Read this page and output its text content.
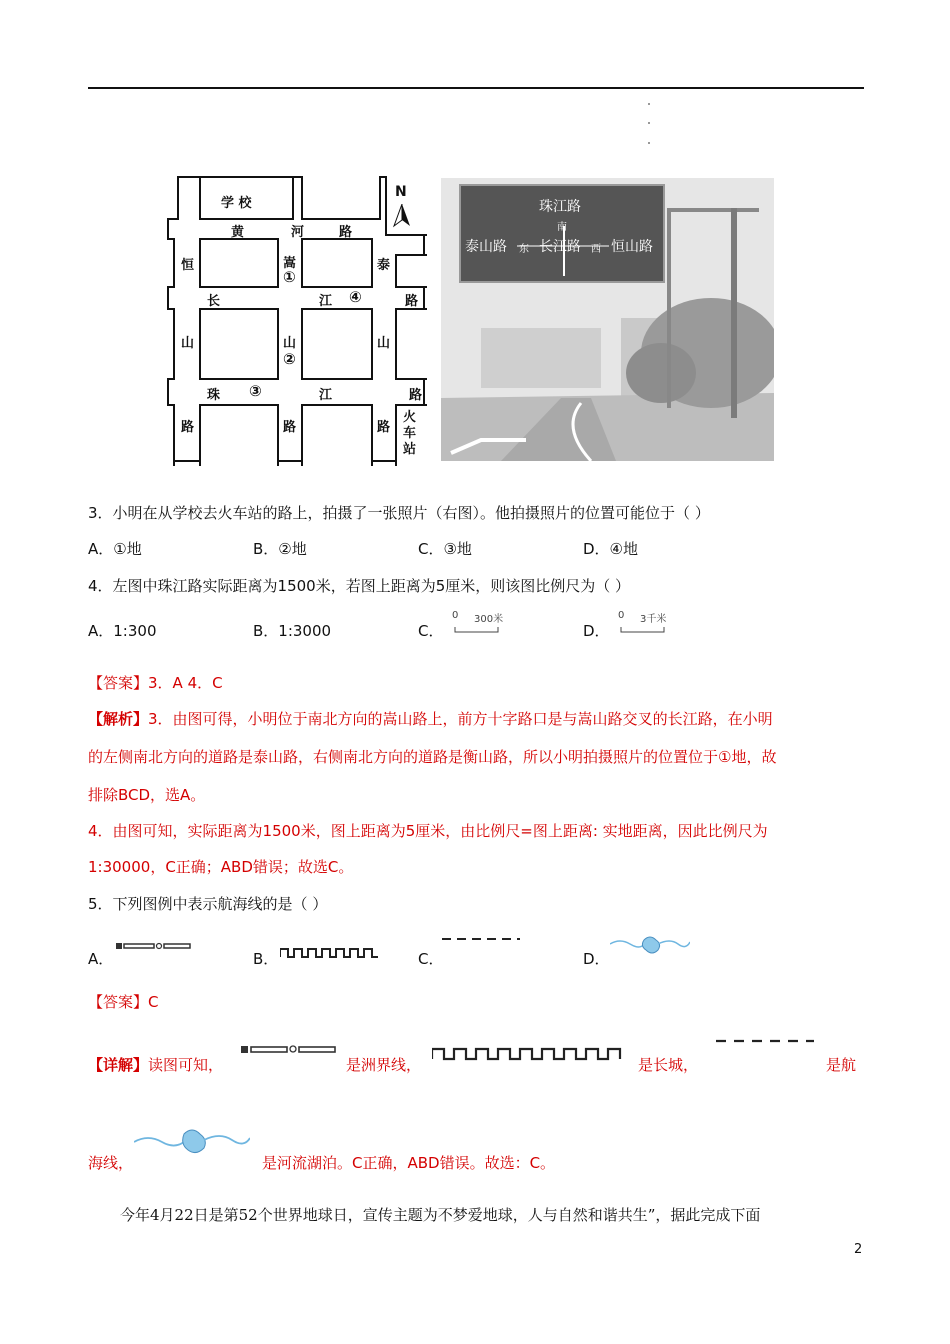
学 校
N
黄	河	路
恒
山
路
嵩
①
山
②
路
泰
山
路
长	江 ④	路
珠 ③	江	路
火车站
珠江路
南
泰山路 东 长江路 西 恒山路
3．小明在从学校去火车站的路上，拍摄了一张照片（右图）。他拍摄照片的位置可能位于（ ）
A．①地	B．②地	C．③地	D．④地
4．左图中珠江路实际距离为1500米，若图上距离为5厘米，则该图比例尺为（ ）
A．1:300	B．1:3000	C．
0 300米
D．
0 3千米
【答案】3．A 4．C
【解析】3．由图可得，小明位于南北方向的嵩山路上，前方十字路口是与嵩山路交叉的长江路，在小明
的左侧南北方向的道路是泰山路，右侧南北方向的道路是衡山路，所以小明拍摄照片的位置位于①地，故
排除BCD，选A。
4．由图可知，实际距离为1500米，图上距离为5厘米，由比例尺=图上距离: 实地距离，因此比例尺为
1:30000，C正确；ABD错误；故选C。
5．下列图例中表示航海线的是（ ）
A．	B．	C．	D．
【答案】C
【详解】读图可知，	是洲界线，	是长城，	是航
海线，	是河流湖泊。C正确，ABD错误。故选：C。
今年4月22日是第52个世界地球日，宣传主题为不梦爱地球，人与自然和谐共生”，据此完成下面
2
